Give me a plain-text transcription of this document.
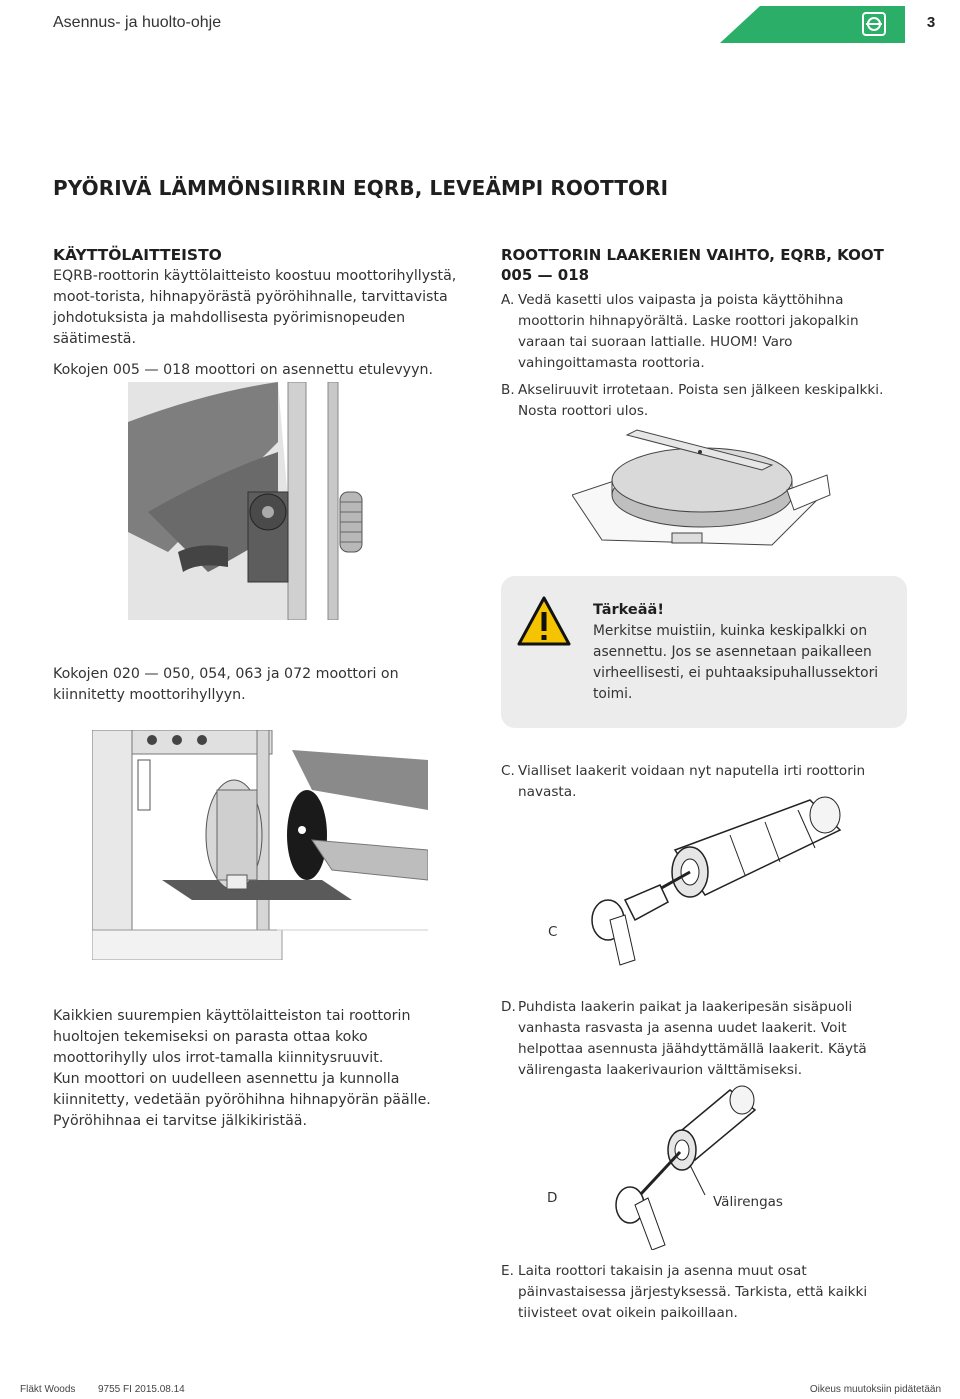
Asennus- ja huolto-ohje	3
PYÖRIVÄ LÄMMÖNSIIRRIN EQRB, LEVEÄMPI ROOTTORI
KÄYTTÖLAITTEISTO

EQRB-roottorin käyttölaitteisto koostuu moottorihyllystä, moot-torista, hihnapyörästä pyöröhihnalle, tarvittavista johdotuksista ja mahdollisesta pyörimisnopeuden säätimestä.

Kokojen 005 — 018 moottori on asennettu etulevyyn.

Kokojen 020 — 050, 054, 063 ja 072 moottori on kiinnitetty moottorihyllyyn.

Kaikkien suurempien käyttölaitteiston tai roottorin huoltojen tekemiseksi on parasta ottaa koko moottorihylly ulos irrot-tamalla kiinnitysruuvit.

Kun moottori on uudelleen asennettu ja kunnolla kiinnitetty, vedetään pyöröhihna hihnapyörän päälle.

Pyöröhihnaa ei tarvitse jälkikiristää.

ROOTTORIN LAAKERIEN VAIHTO, EQRB, KOOT 005 — 018
A. Vedä kasetti ulos vaipasta ja poista käyttöhihna moottorin hihnapyörältä. Laske roottori jakopalkin varaan tai suoraan lattialle. HUOM! Varo vahingoittamasta roottoria.
B. Akseliruuvit irrotetaan. Poista sen jälkeen keskipalkki. Nosta roottori ulos.
Tärkeää!
Merkitse muistiin, kuinka keskipalkki on asennettu. Jos se asennetaan paikalleen virheellisesti, ei puhtaaksipuhallussektori toimi.
C. Vialliset laakerit voidaan nyt naputella irti roottorin navasta.
C
D. Puhdista laakerin paikat ja laakeripesän sisäpuoli vanhasta rasvasta ja asenna uudet laakerit. Voit helpottaa asennusta jäähdyttämällä laakerit. Käytä välirengasta laakerivaurion välttämiseksi.
D	Välirengas
E. Laita roottori takaisin ja asenna muut osat päinvastaisessa järjestyksessä. Tarkista, että kaikki tiivisteet ovat oikein paikoillaan.
Fläkt Woods 9755 FI 2015.08.14	Oikeus muutoksiin pidätetään
